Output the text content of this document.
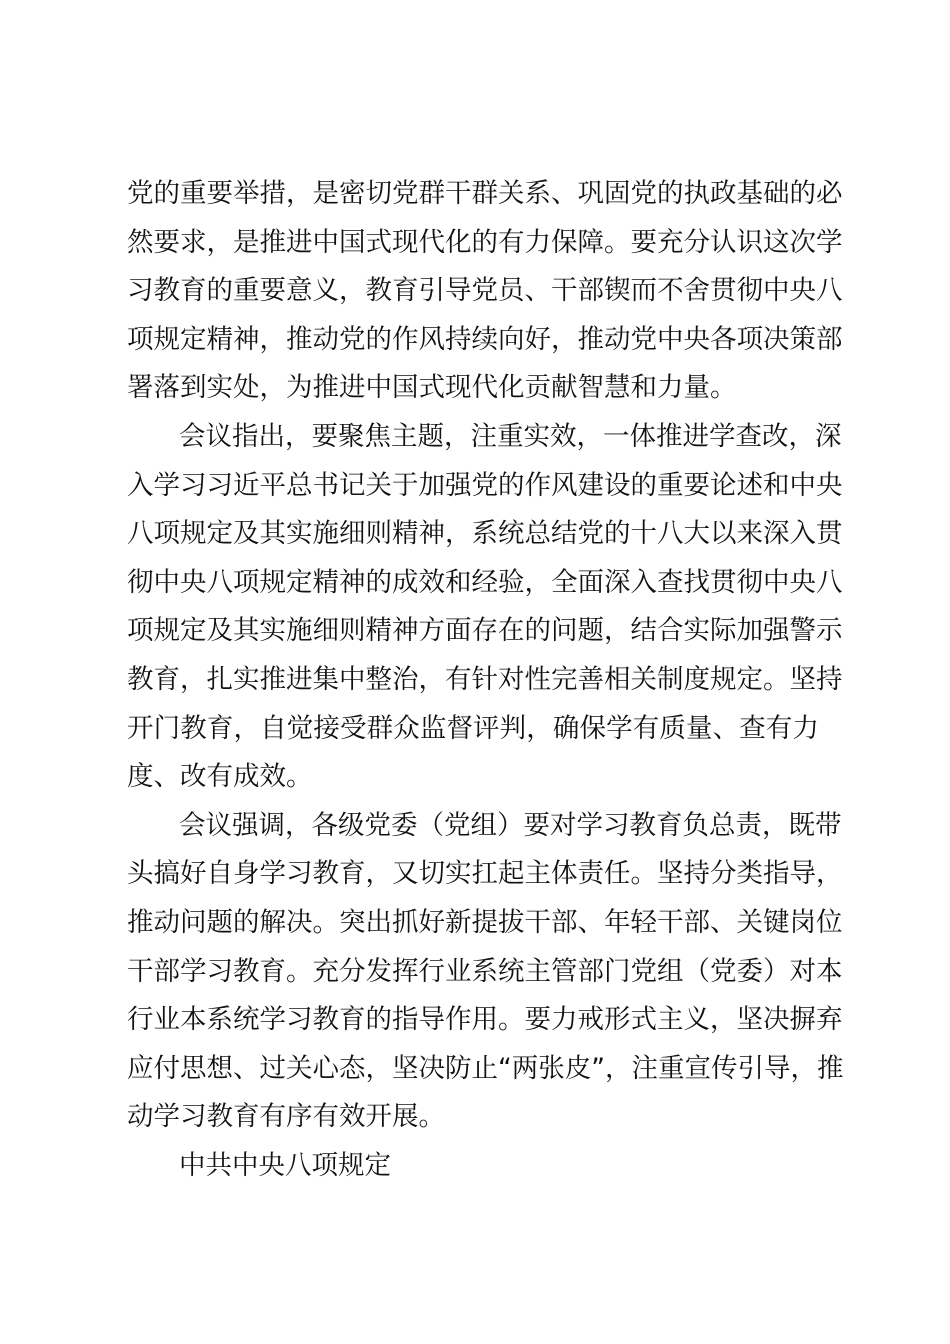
党的重要举措，是密切党群干群关系、巩固党的执政基础的必
然要求，是推进中国式现代化的有力保障。要充分认识这次学
习教育的重要意义，教育引导党员、干部锲而不舍贯彻中央八
项规定精神，推动党的作风持续向好，推动党中央各项决策部
署落到实处，为推进中国式现代化贡献智慧和力量。
会议指出，要聚焦主题，注重实效，一体推进学查改，深
入学习习近平总书记关于加强党的作风建设的重要论述和中央
八项规定及其实施细则精神，系统总结党的十八大以来深入贯
彻中央八项规定精神的成效和经验，全面深入查找贯彻中央八
项规定及其实施细则精神方面存在的问题，结合实际加强警示
教育，扎实推进集中整治，有针对性完善相关制度规定。坚持
开门教育，自觉接受群众监督评判，确保学有质量、查有力
度、改有成效。
会议强调，各级党委（党组）要对学习教育负总责，既带
头搞好自身学习教育，又切实扛起主体责任。坚持分类指导，
推动问题的解决。突出抓好新提拔干部、年轻干部、关键岗位
干部学习教育。充分发挥行业系统主管部门党组（党委）对本
行业本系统学习教育的指导作用。要力戒形式主义，坚决摒弃
应付思想、过关心态，坚决防止“两张皮”，注重宣传引导，推
动学习教育有序有效开展。
中共中央八项规定
